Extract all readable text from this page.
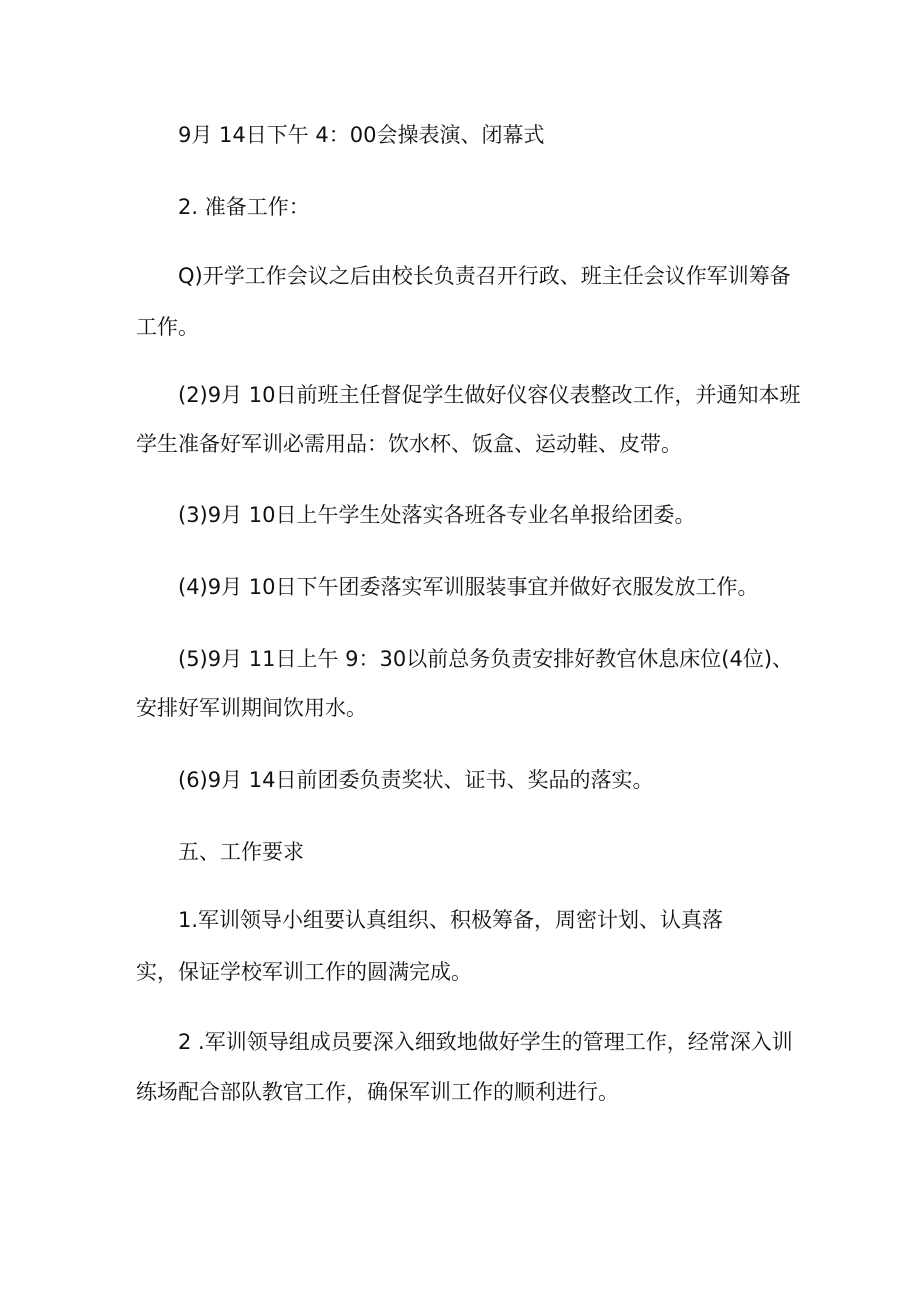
9月 14日下午 4：00会操表演、闭幕式
2. 准备工作：
Q)开学工作会议之后由校长负责召开行政、班主任会议作军训筹备
工作。
(2)9月 10日前班主任督促学生做好仪容仪表整改工作，并通知本班
学生准备好军训必需用品：饮水杯、饭盒、运动鞋、皮带。
(3)9月 10日上午学生处落实各班各专业名单报给团委。
(4)9月 10日下午团委落实军训服装事宜并做好衣服发放工作。
(5)9月 11日上午 9：30以前总务负责安排好教官休息床位(4位)、
安排好军训期间饮用水。
(6)9月 14日前团委负责奖状、证书、奖品的落实。
五、工作要求
1.军训领导小组要认真组织、积极筹备，周密计划、认真落
实，保证学校军训工作的圆满完成。
2 .军训领导组成员要深入细致地做好学生的管理工作，经常深入训
练场配合部队教官工作，确保军训工作的顺利进行。
